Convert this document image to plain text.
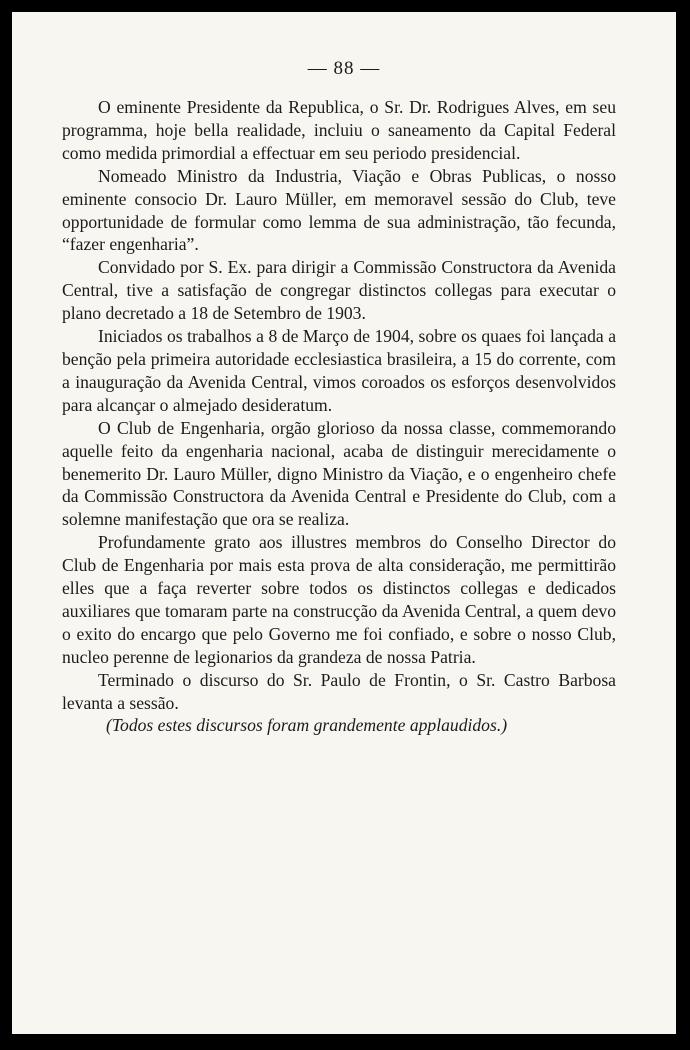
— 88 —

O eminente Presidente da Republica, o Sr. Dr. Rodrigues Alves, em seu programma, hoje bella realidade, incluiu o saneamento da Capital Federal como medida primordial a effectuar em seu periodo presidencial.

Nomeado Ministro da Industria, Viação e Obras Publicas, o nosso eminente consocio Dr. Lauro Müller, em memoravel sessão do Club, teve opportunidade de formular como lemma de sua administração, tão fecunda, “fazer engenharia”.

Convidado por S. Ex. para dirigir a Commissão Constructora da Avenida Central, tive a satisfação de congregar distinctos collegas para executar o plano decretado a 18 de Setembro de 1903.

Iniciados os trabalhos a 8 de Março de 1904, sobre os quaes foi lançada a benção pela primeira autoridade ecclesiastica brasileira, a 15 do corrente, com a inauguração da Avenida Central, vimos coroados os esforços desenvolvidos para alcançar o almejado desideratum.

O Club de Engenharia, orgão glorioso da nossa classe, commemorando aquelle feito da engenharia nacional, acaba de distinguir merecidamente o benemerito Dr. Lauro Müller, digno Ministro da Viação, e o engenheiro chefe da Commissão Constructora da Avenida Central e Presidente do Club, com a solemne manifestação que ora se realiza.

Profundamente grato aos illustres membros do Conselho Director do Club de Engenharia por mais esta prova de alta consideração, me permittirão elles que a faça reverter sobre todos os distinctos collegas e dedicados auxiliares que tomaram parte na construcção da Avenida Central, a quem devo o exito do encargo que pelo Governo me foi confiado, e sobre o nosso Club, nucleo perenne de legionarios da grandeza de nossa Patria.

Terminado o discurso do Sr. Paulo de Frontin, o Sr. Castro Barbosa levanta a sessão.

(Todos estes discursos foram grandemente applaudidos.)
